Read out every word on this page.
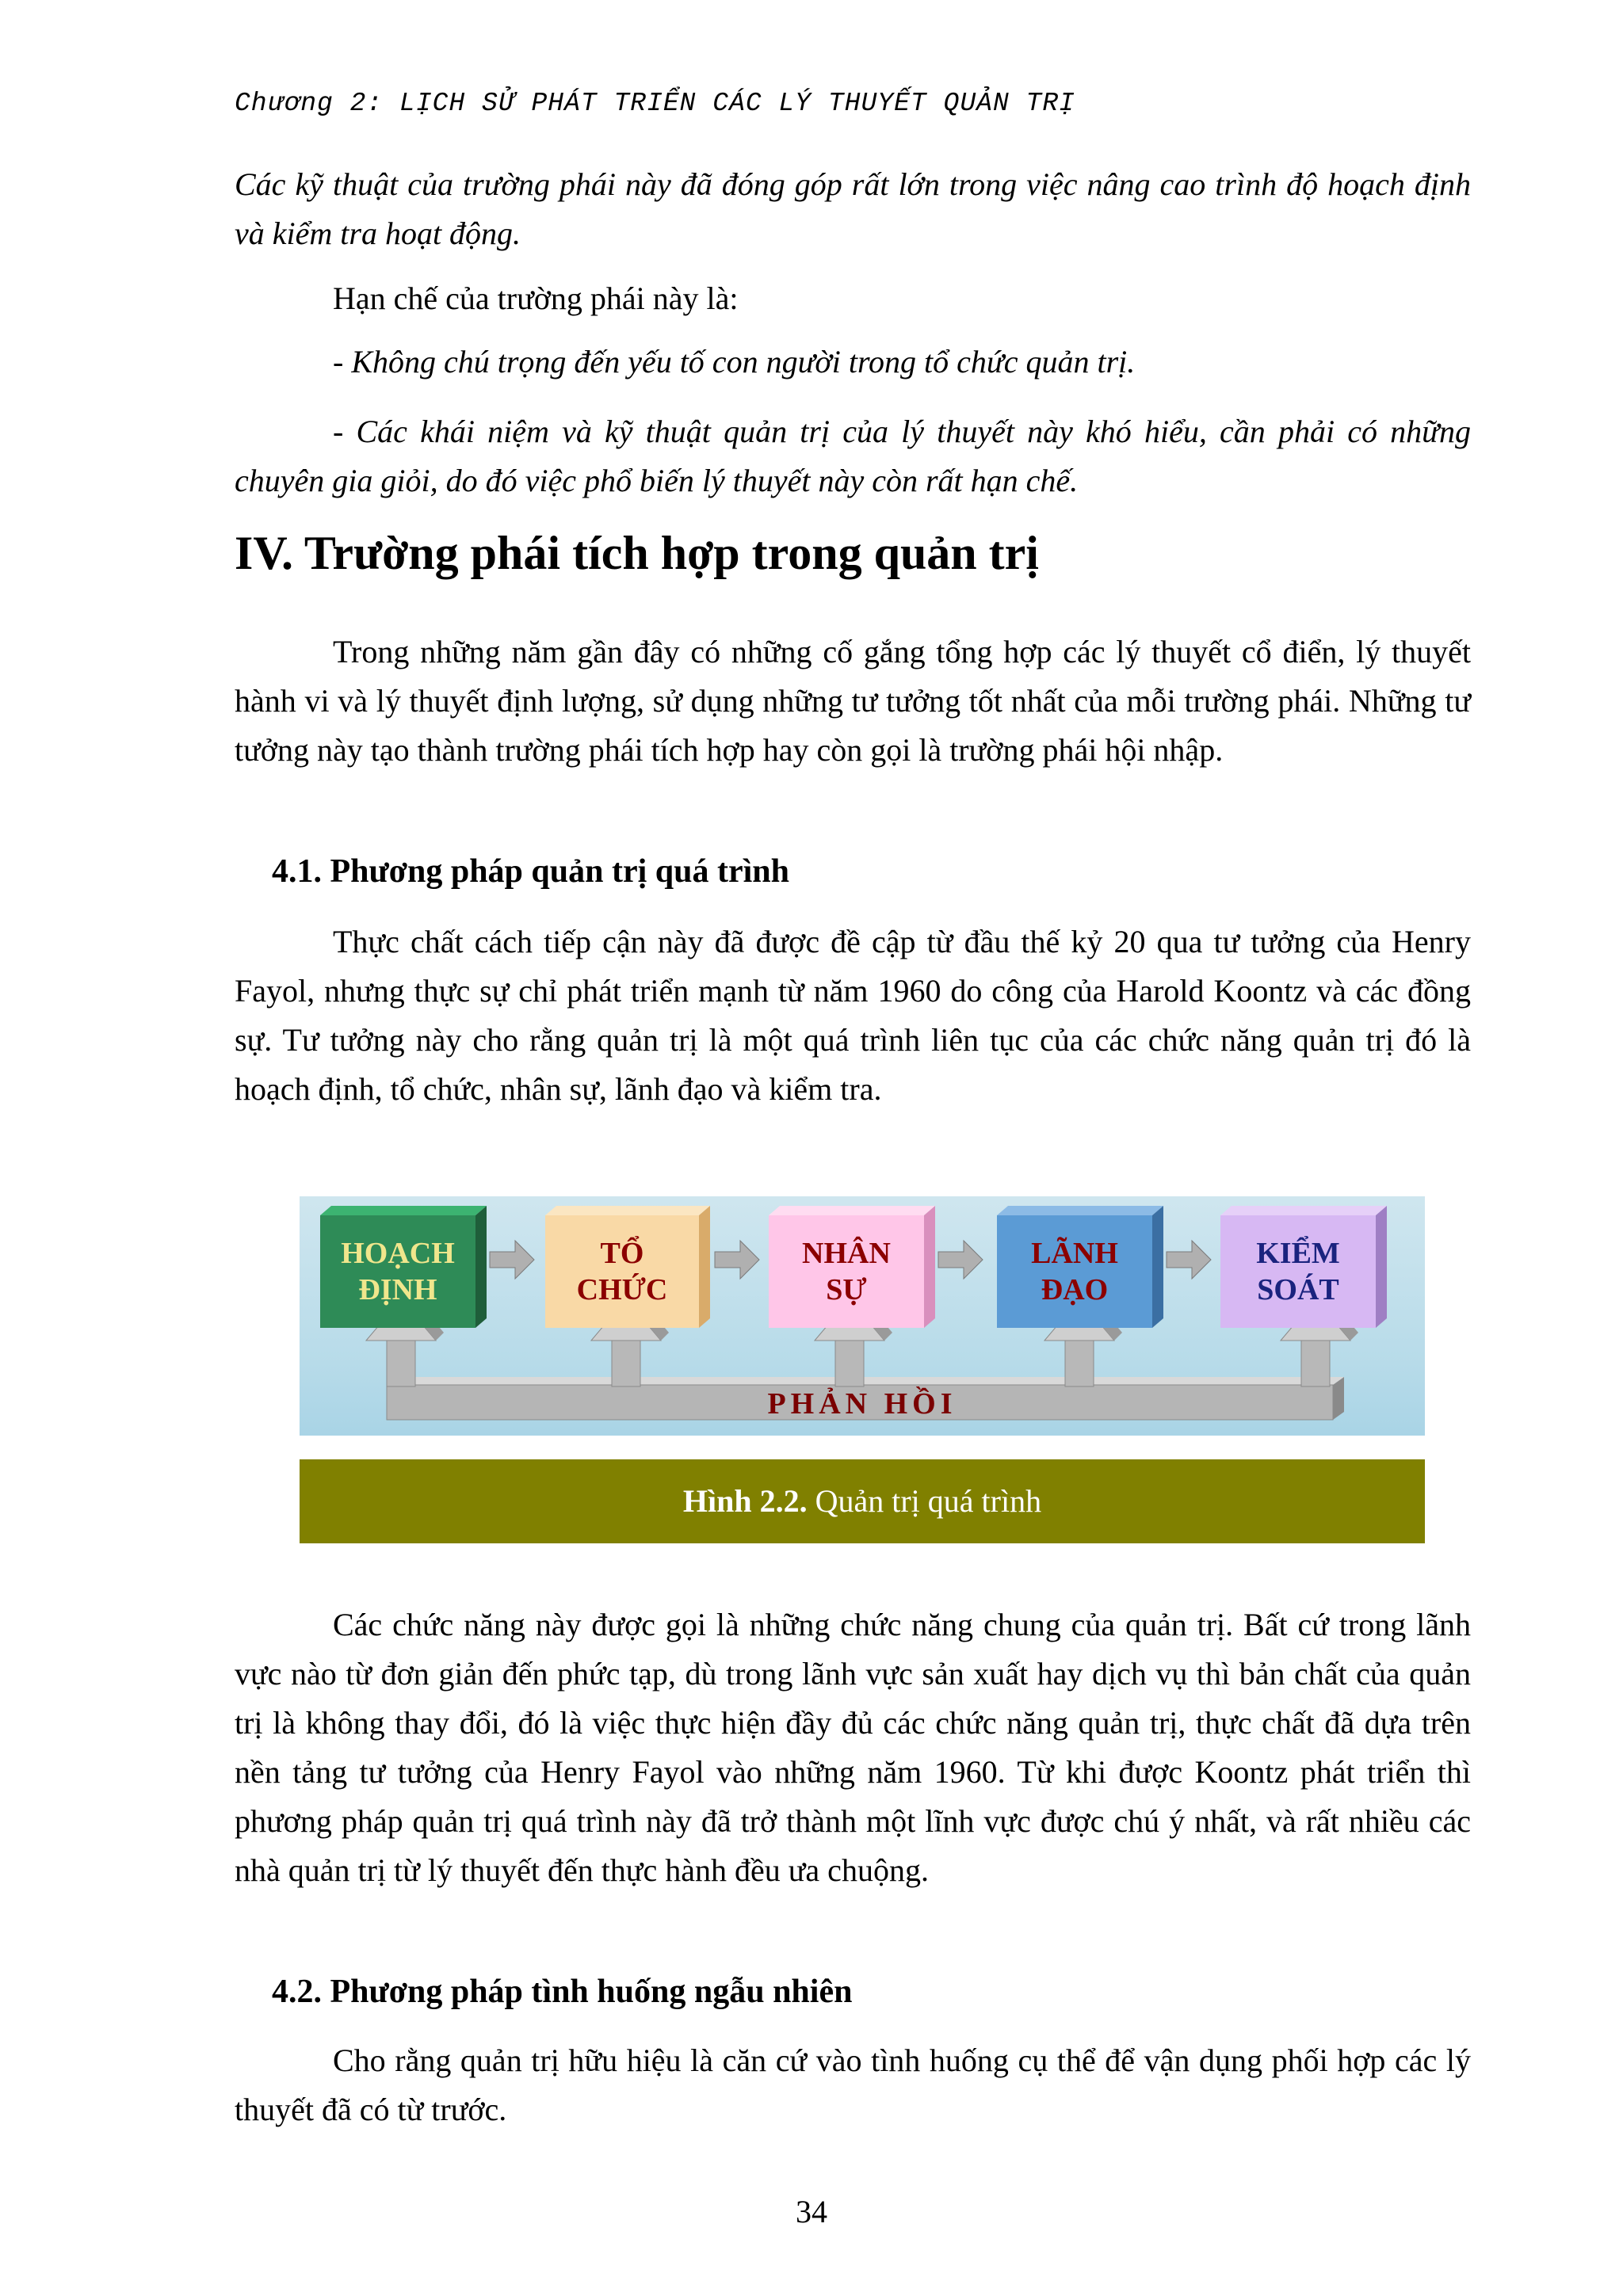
Chương 2: LỊCH SỬ PHÁT TRIỂN CÁC LÝ THUYẾT QUẢN TRỊ
Các kỹ thuật của trường phái này đã đóng góp rất lớn trong việc nâng cao trình độ hoạch định và kiểm tra hoạt động.
Hạn chế của trường phái này là:
- Không chú trọng đến yếu tố con người trong tổ chức quản trị.
- Các khái niệm và kỹ thuật quản trị của lý thuyết này khó hiểu, cần phải có những chuyên gia giỏi, do đó việc phổ biến lý thuyết này còn rất hạn chế.
IV. Trường phái tích hợp trong quản trị
Trong những năm gần đây có những cố gắng tổng hợp các lý thuyết cổ điển, lý thuyết hành vi và lý thuyết định lượng, sử dụng những tư tưởng tốt nhất của mỗi trường phái. Những tư tưởng này tạo thành trường phái tích hợp hay còn gọi là trường phái hội nhập.
4.1. Phương pháp quản trị quá trình
Thực chất cách tiếp cận này đã được đề cập từ đầu thế kỷ 20 qua tư tưởng của Henry Fayol, nhưng thực sự chỉ phát triển mạnh từ năm 1960 do công của Harold Koontz và các đồng sự. Tư tưởng này cho rằng quản trị là một quá trình liên tục của các chức năng quản trị đó là hoạch định, tổ chức, nhân sự, lãnh đạo và kiểm tra.
HOẠCH
ĐỊNH
TỔ
CHỨC
NHÂN
SỰ
LÃNH
ĐẠO
KIỂM
SOÁT
PHẢN HỒI
Hình 2.2. Quản trị quá trình
Các chức năng này được gọi là những chức năng chung của quản trị. Bất cứ trong lãnh vực nào từ đơn giản đến phức tạp, dù trong lãnh vực sản xuất hay dịch vụ thì bản chất của quản trị là không thay đổi, đó là việc thực hiện đầy đủ các chức năng quản trị, thực chất đã dựa trên nền tảng tư tưởng của Henry Fayol vào những năm 1960. Từ khi được Koontz phát triển thì phương pháp quản trị quá trình này đã trở thành một lĩnh vực được chú ý nhất, và rất nhiều các nhà quản trị từ lý thuyết đến thực hành đều ưa chuộng.
4.2. Phương pháp tình huống ngẫu nhiên
Cho rằng quản trị hữu hiệu là căn cứ vào tình huống cụ thể để vận dụng phối hợp các lý thuyết đã có từ trước.
34
